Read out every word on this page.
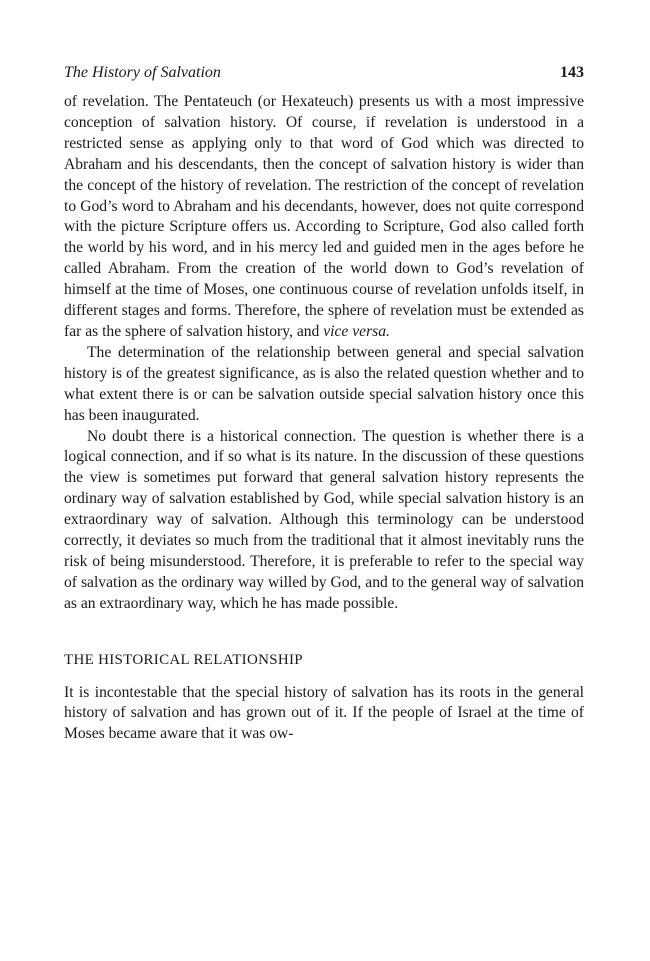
The History of Salvation	143

of revelation. The Pentateuch (or Hexateuch) presents us with a most impressive conception of salvation history. Of course, if revelation is understood in a restricted sense as applying only to that word of God which was directed to Abraham and his descendants, then the concept of salvation history is wider than the concept of the history of revelation. The restriction of the concept of revelation to God’s word to Abraham and his decendants, however, does not quite correspond with the picture Scripture offers us. According to Scripture, God also called forth the world by his word, and in his mercy led and guided men in the ages before he called Abraham. From the creation of the world down to God’s revelation of himself at the time of Moses, one continuous course of revelation unfolds itself, in different stages and forms. Therefore, the sphere of revelation must be extended as far as the sphere of salvation history, and vice versa.

The determination of the relationship between general and special salvation history is of the greatest significance, as is also the related question whether and to what extent there is or can be salvation outside special salvation history once this has been inaugurated.

No doubt there is a historical connection. The question is whether there is a logical connection, and if so what is its nature. In the discussion of these questions the view is sometimes put forward that general salvation history represents the ordinary way of salvation established by God, while special salvation history is an extraordinary way of salvation. Although this terminology can be understood correctly, it deviates so much from the traditional that it almost inevitably runs the risk of being misunderstood. Therefore, it is preferable to refer to the special way of salvation as the ordinary way willed by God, and to the general way of salvation as an extraordinary way, which he has made possible.

THE HISTORICAL RELATIONSHIP

It is incontestable that the special history of salvation has its roots in the general history of salvation and has grown out of it. If the people of Israel at the time of Moses became aware that it was ow-
